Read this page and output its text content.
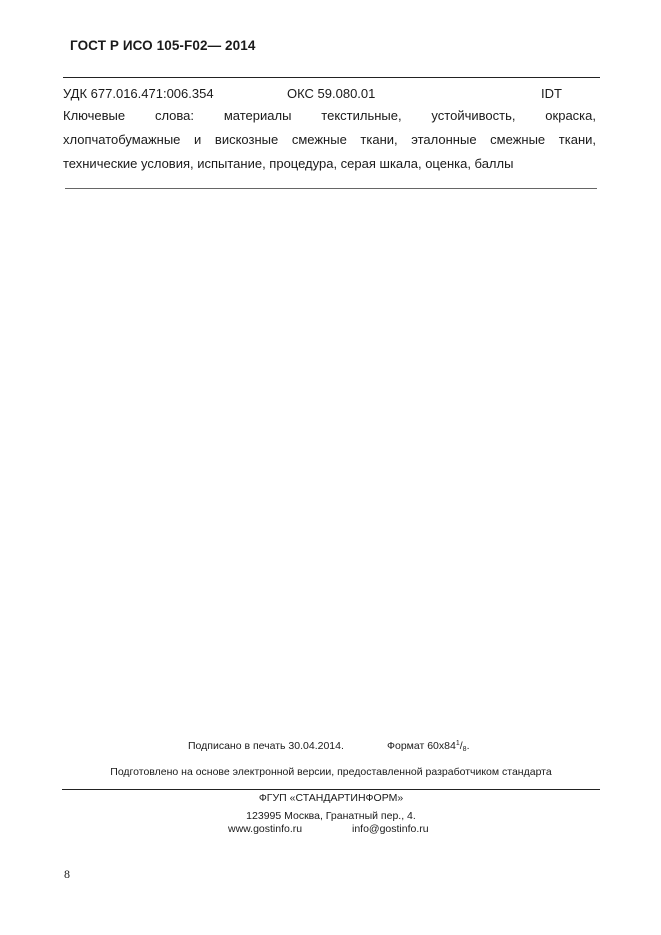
ГОСТ Р ИСО 105-F02— 2014
УДК 677.016.471:006.354	ОКС 59.080.01	IDT
Ключевые слова: материалы текстильные, устойчивость, окраска,
хлопчатобумажные и вискозные смежные ткани, эталонные смежные ткани,
технические условия, испытание, процедура, серая шкала, оценка, баллы
Подписано в печать 30.04.2014.	Формат $60x84^1/_8$.
Подготовлено на основе электронной версии, предоставленной разработчиком стандарта
ФГУП «СТАНДАРТИНФОРМ»
123995 Москва, Гранатный пер., 4.
www.gostinfo.ru	info@gostinfo.ru
8
